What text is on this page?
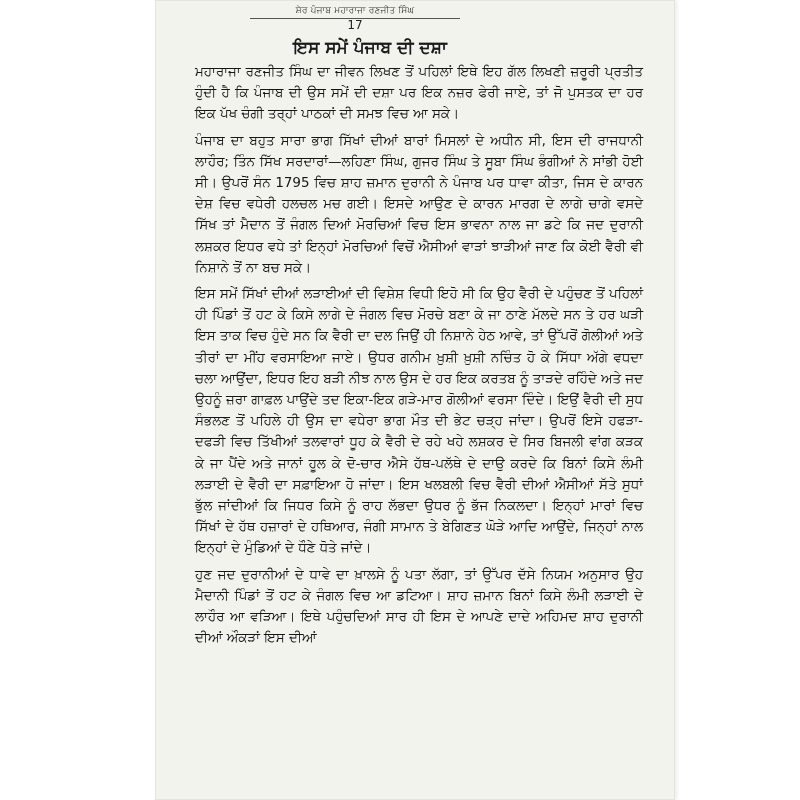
ਸ਼ੇਰ ਪੰਜਾਬ ਮਹਾਰਾਜਾ ਰਣਜੀਤ ਸਿੰਘ
17
ਇਸ ਸਮੇਂ ਪੰਜਾਬ ਦੀ ਦਸ਼ਾ

ਮਹਾਰਾਜਾ ਰਣਜੀਤ ਸਿੰਘ ਦਾ ਜੀਵਨ ਲਿਖਣ ਤੋਂ ਪਹਿਲਾਂ ਇਥੇ ਇਹ ਗੱਲ ਲਿਖਣੀ ਜ਼ਰੂਰੀ ਪ੍ਰਤੀਤ ਹੁੰਦੀ ਹੈ ਕਿ ਪੰਜਾਬ ਦੀ ਉਸ ਸਮੇਂ ਦੀ ਦਸ਼ਾ ਪਰ ਇਕ ਨਜ਼ਰ ਫੇਰੀ ਜਾਏ, ਤਾਂ ਜੋ ਪੁਸਤਕ ਦਾ ਹਰ ਇਕ ਪੱਖ ਚੰਗੀ ਤਰ੍ਹਾਂ ਪਾਠਕਾਂ ਦੀ ਸਮਝ ਵਿਚ ਆ ਸਕੇ।

ਪੰਜਾਬ ਦਾ ਬਹੁਤ ਸਾਰਾ ਭਾਗ ਸਿੱਖਾਂ ਦੀਆਂ ਬਾਰਾਂ ਮਿਸਲਾਂ ਦੇ ਅਧੀਨ ਸੀ, ਇਸ ਦੀ ਰਾਜਧਾਨੀ ਲਾਹੌਰ; ਤਿੰਨ ਸਿੱਖ ਸਰਦਾਰਾਂ—ਲਹਿਣਾ ਸਿੰਘ, ਗੁਜਰ ਸਿੰਘ ਤੇ ਸੂਬਾ ਸਿੰਘ ਭੰਗੀਆਂ ਨੇ ਸਾਂਭੀ ਹੋਈ ਸੀ। ਉਪਰੋਂ ਸੰਨ 1795 ਵਿਚ ਸ਼ਾਹ ਜ਼ਮਾਨ ਦੁਰਾਨੀ ਨੇ ਪੰਜਾਬ ਪਰ ਧਾਵਾ ਕੀਤਾ, ਜਿਸ ਦੇ ਕਾਰਨ ਦੇਸ਼ ਵਿਚ ਵਧੇਰੀ ਹਲਚਲ ਮਚ ਗਈ। ਇਸਦੇ ਆਉਣ ਦੇ ਕਾਰਨ ਮਾਰਗ ਦੇ ਲਾਗੇ ਚਾਗੇ ਵਸਦੇ ਸਿੱਖ ਤਾਂ ਮੈਦਾਨ ਤੋਂ ਜੰਗਲ ਦਿਆਂ ਮੋਰਚਿਆਂ ਵਿਚ ਇਸ ਭਾਵਨਾ ਨਾਲ ਜਾ ਡਟੇ ਕਿ ਜਦ ਦੁਰਾਨੀ ਲਸ਼ਕਰ ਇਧਰ ਵਧੇ ਤਾਂ ਇਨ੍ਹਾਂ ਮੋਰਚਿਆਂ ਵਿਚੋਂ ਐਸੀਆਂ ਵਾੜਾਂ ਝਾੜੀਆਂ ਜਾਣ ਕਿ ਕੋਈ ਵੈਰੀ ਵੀ ਨਿਸ਼ਾਨੇ ਤੋਂ ਨਾ ਬਚ ਸਕੇ।

ਇਸ ਸਮੇਂ ਸਿੱਖਾਂ ਦੀਆਂ ਲੜਾਈਆਂ ਦੀ ਵਿਸ਼ੇਸ਼ ਵਿਧੀ ਇਹੋ ਸੀ ਕਿ ਉਹ ਵੈਰੀ ਦੇ ਪਹੁੰਚਣ ਤੋਂ ਪਹਿਲਾਂ ਹੀ ਪਿੰਡਾਂ ਤੋਂ ਹਟ ਕੇ ਕਿਸੇ ਲਾਗੇ ਦੇ ਜੰਗਲ ਵਿਚ ਮੋਰਚੇ ਬਣਾ ਕੇ ਜਾ ਠਾਣੇ ਮੱਲਦੇ ਸਨ ਤੇ ਹਰ ਘੜੀ ਇਸ ਤਾਕ ਵਿਚ ਹੁੰਦੇ ਸਨ ਕਿ ਵੈਰੀ ਦਾ ਦਲ ਜਿਉਂ ਹੀ ਨਿਸ਼ਾਨੇ ਹੇਠ ਆਵੇ, ਤਾਂ ਉੱਪਰੋਂ ਗੋਲੀਆਂ ਅਤੇ ਤੀਰਾਂ ਦਾ ਮੀਂਹ ਵਰਸਾਇਆ ਜਾਏ। ਉਧਰ ਗਨੀਮ ਖ਼ੁਸ਼ੀ ਖ਼ੁਸ਼ੀ ਨਚਿੰਤ ਹੋ ਕੇ ਸਿੱਧਾ ਅੱਗੇ ਵਧਦਾ ਚਲਾ ਆਉਂਦਾ, ਇਧਰ ਇਹ ਬੜੀ ਨੀਝ ਨਾਲ ਉਸ ਦੇ ਹਰ ਇਕ ਕਰਤਬ ਨੂੰ ਤਾੜਦੇ ਰਹਿੰਦੇ ਅਤੇ ਜਦ ਉਹਨੂੰ ਜ਼ਰਾ ਗਾਫ਼ਲ ਪਾਉਂਦੇ ਤਦ ਇਕਾ-ਇਕ ਗੜੇ-ਮਾਰ ਗੋਲੀਆਂ ਵਰਸਾ ਦਿੰਦੇ। ਇਉਂ ਵੈਰੀ ਦੀ ਸੁਧ ਸੰਭਲਣ ਤੋਂ ਪਹਿਲੇ ਹੀ ਉਸ ਦਾ ਵਧੇਰਾ ਭਾਗ ਮੌਤ ਦੀ ਭੇਟ ਚੜ੍ਹ ਜਾਂਦਾ। ਉਪਰੋਂ ਇਸੇ ਹਫੜਾ-ਦਫੜੀ ਵਿਚ ਤਿੱਖੀਆਂ ਤਲਵਾਰਾਂ ਧੂਹ ਕੇ ਵੈਰੀ ਦੇ ਰਹੇ ਖਹੇ ਲਸ਼ਕਰ ਦੇ ਸਿਰ ਬਿਜਲੀ ਵਾਂਗ ਕੜਕ ਕੇ ਜਾ ਪੈਂਦੇ ਅਤੇ ਜਾਨਾਂ ਹੂਲ ਕੇ ਦੋ-ਚਾਰ ਐਸੇ ਹੱਥ-ਪਲੱਥੇ ਦੇ ਦਾਉ ਕਰਦੇ ਕਿ ਬਿਨਾਂ ਕਿਸੇ ਲੰਮੀ ਲੜਾਈ ਦੇ ਵੈਰੀ ਦਾ ਸਫ਼ਾਇਆ ਹੋ ਜਾਂਦਾ। ਇਸ ਖਲਬਲੀ ਵਿਚ ਵੈਰੀ ਦੀਆਂ ਐਸੀਆਂ ਸੱਤੇ ਸੁਧਾਂ ਭੁੱਲ ਜਾਂਦੀਆਂ ਕਿ ਜਿਧਰ ਕਿਸੇ ਨੂੰ ਰਾਹ ਲੱਭਦਾ ਉਧਰ ਨੂੰ ਭੱਜ ਨਿਕਲਦਾ। ਇਨ੍ਹਾਂ ਮਾਰਾਂ ਵਿਚ ਸਿੱਖਾਂ ਦੇ ਹੱਥ ਹਜ਼ਾਰਾਂ ਦੇ ਹਥਿਆਰ, ਜੰਗੀ ਸਾਮਾਨ ਤੇ ਬੇਗਿਣਤ ਘੋੜੇ ਆਦਿ ਆਉਂਦੇ, ਜਿਨ੍ਹਾਂ ਨਾਲ ਇਨ੍ਹਾਂ ਦੇ ਮੁੰਡਿਆਂ ਦੇ ਧੌਣੇ ਧੋਤੇ ਜਾਂਦੇ।

ਹੁਣ ਜਦ ਦੁਰਾਨੀਆਂ ਦੇ ਧਾਵੇ ਦਾ ਖ਼ਾਲਸੇ ਨੂੰ ਪਤਾ ਲੱਗਾ, ਤਾਂ ਉੱਪਰ ਦੱਸੇ ਨਿਯਮ ਅਨੁਸਾਰ ਉਹ ਮੈਦਾਨੀ ਪਿੰਡਾਂ ਤੋਂ ਹਟ ਕੇ ਜੰਗਲ ਵਿਚ ਆ ਡਟਿਆ। ਸ਼ਾਹ ਜ਼ਮਾਨ ਬਿਨਾਂ ਕਿਸੇ ਲੰਮੀ ਲੜਾਈ ਦੇ ਲਾਹੌਰ ਆ ਵੜਿਆ। ਇਥੇ ਪਹੁੰਚਦਿਆਂ ਸਾਰ ਹੀ ਇਸ ਦੇ ਆਪਣੇ ਦਾਦੇ ਅਹਿਮਦ ਸ਼ਾਹ ਦੁਰਾਨੀ ਦੀਆਂ ਔਕੜਾਂ ਇਸ ਦੀਆਂ
